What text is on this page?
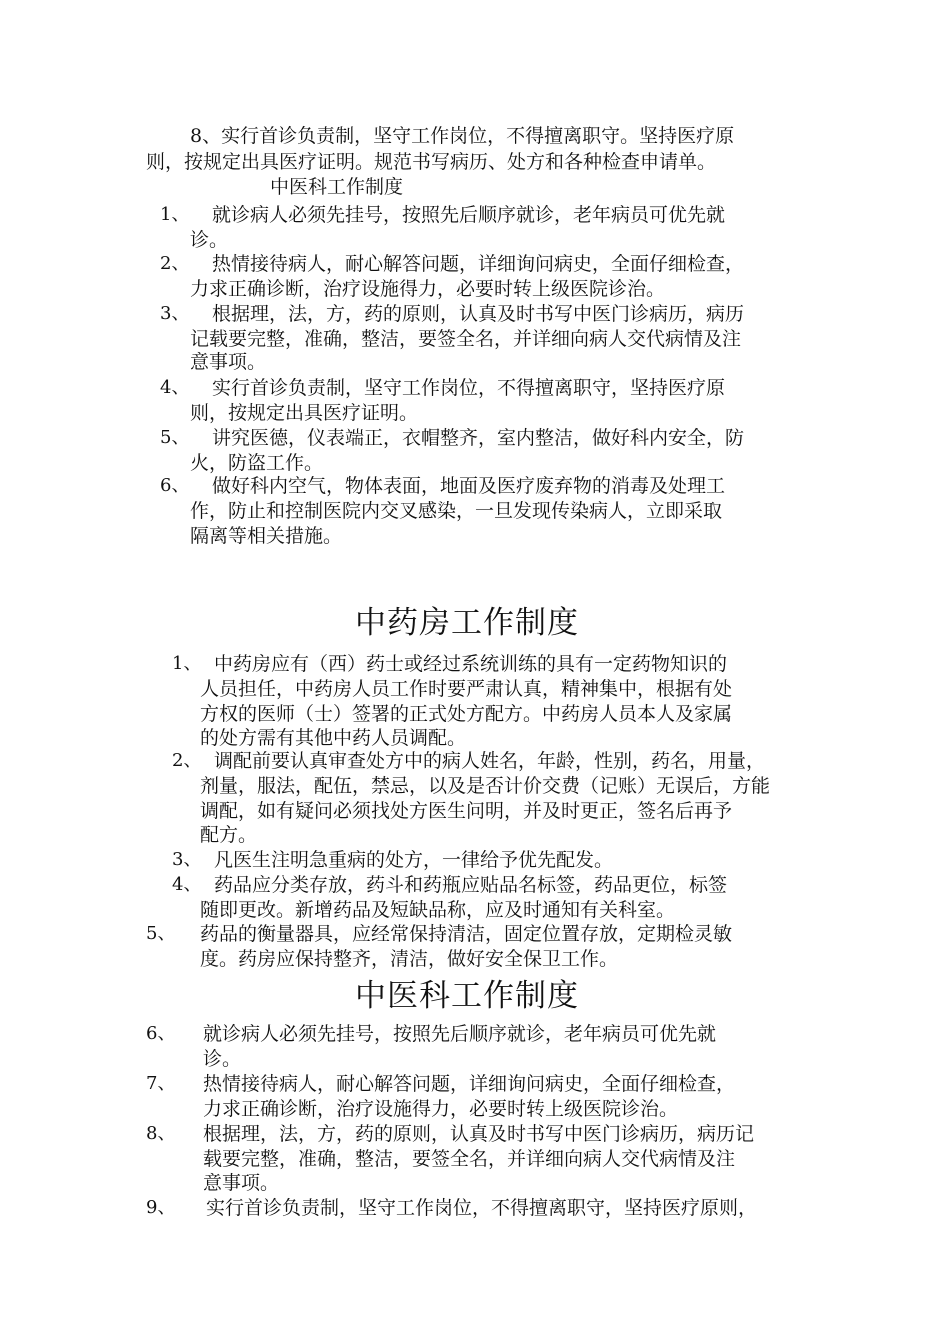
8、实行首诊负责制，坚守工作岗位，不得擅离职守。坚持医疗原
则，按规定出具医疗证明。规范书写病历、处方和各种检查申请单。
中医科工作制度
1、 就诊病人必须先挂号，按照先后顺序就诊，老年病员可优先就
诊。
2、 热情接待病人，耐心解答问题，详细询问病史，全面仔细检查，
力求正确诊断，治疗设施得力，必要时转上级医院诊治。
3、 根据理，法，方，药的原则，认真及时书写中医门诊病历，病历
记载要完整，准确，整洁，要签全名，并详细向病人交代病情及注
意事项。
4、 实行首诊负责制，坚守工作岗位，不得擅离职守，坚持医疗原
则，按规定出具医疗证明。
5、 讲究医德，仪表端正，衣帽整齐，室内整洁，做好科内安全，防
火，防盗工作。
6、 做好科内空气，物体表面，地面及医疗废弃物的消毒及处理工
作，防止和控制医院内交叉感染，一旦发现传染病人，立即采取
隔离等相关措施。
中药房工作制度
1、 中药房应有（西）药士或经过系统训练的具有一定药物知识的
人员担任，中药房人员工作时要严肃认真，精神集中，根据有处
方权的医师（士）签署的正式处方配方。中药房人员本人及家属
的处方需有其他中药人员调配。
2、 调配前要认真审查处方中的病人姓名，年龄，性别，药名，用量，
剂量，服法，配伍，禁忌，以及是否计价交费（记账）无误后，方能
调配，如有疑问必须找处方医生问明，并及时更正，签名后再予
配方。
3、 凡医生注明急重病的处方，一律给予优先配发。
4、 药品应分类存放，药斗和药瓶应贴品名标签，药品更位，标签
随即更改。新增药品及短缺品称，应及时通知有关科室。
5、 药品的衡量器具，应经常保持清洁，固定位置存放，定期检灵敏
度。药房应保持整齐，清洁，做好安全保卫工作。
中医科工作制度
6、 就诊病人必须先挂号，按照先后顺序就诊，老年病员可优先就
诊。
7、 热情接待病人，耐心解答问题，详细询问病史，全面仔细检查，
力求正确诊断，治疗设施得力，必要时转上级医院诊治。
8、 根据理，法，方，药的原则，认真及时书写中医门诊病历，病历记
载要完整，准确，整洁，要签全名，并详细向病人交代病情及注
意事项。
9、 实行首诊负责制，坚守工作岗位，不得擅离职守，坚持医疗原则，
